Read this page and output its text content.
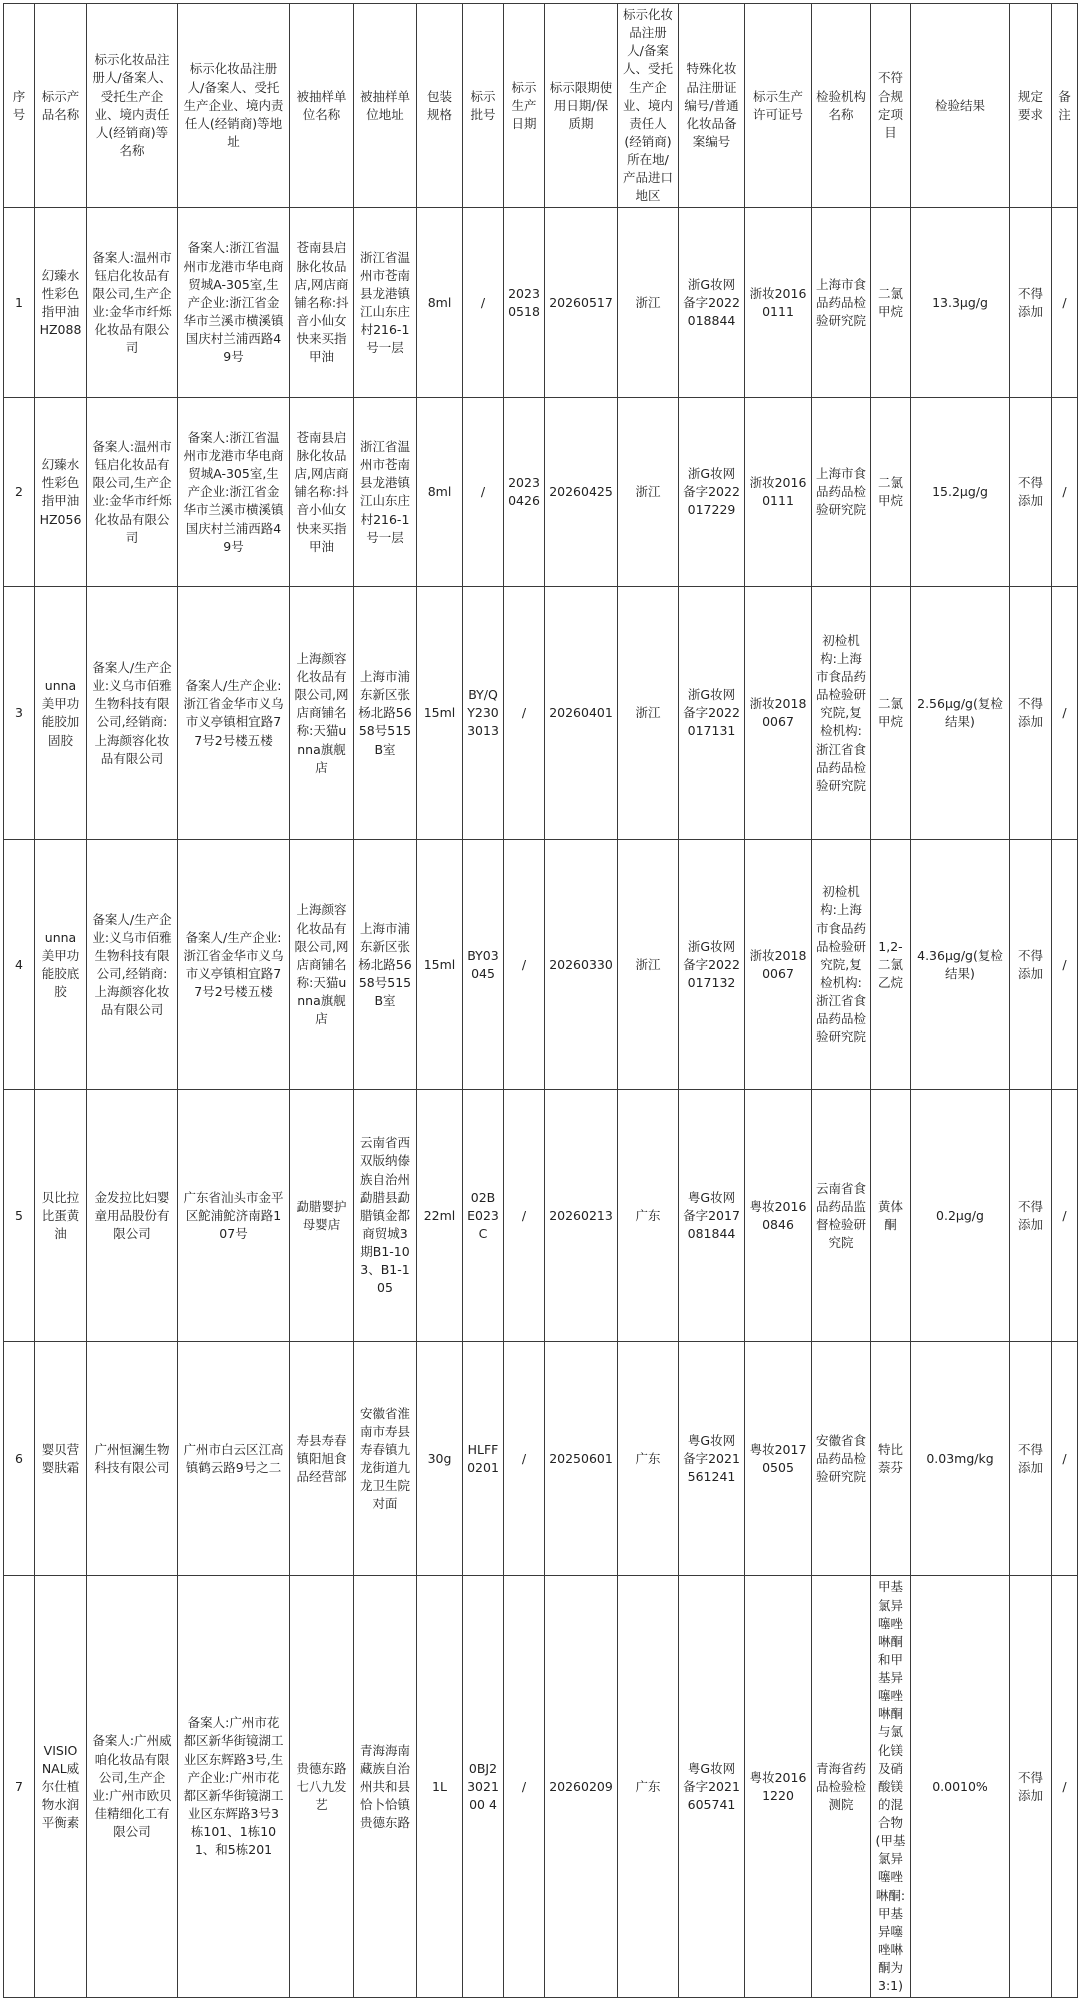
序号	标示产品名称	标示化妆品注册人/备案人、受托生产企业、境内责任人(经销商)等名称	标示化妆品注册人/备案人、受托生产企业、境内责任人(经销商)等地址	被抽样单位名称	被抽样单位地址	包装规格	标示批号	标示生产日期	标示限期使用日期/保质期	标示化妆品注册人/备案人、受托生产企业、境内责任人(经销商)所在地/产品进口地区	特殊化妆品注册证编号/普通化妆品备案编号	标示生产许可证号	检验机构名称	不符合规定项目	检验结果	规定要求	备注
1	幻臻水性彩色指甲油HZ088	备案人:温州市钰启化妆品有限公司,生产企业:金华市纤烁化妆品有限公司	备案人:浙江省温州市龙港市华电商贸城A-305室,生产企业:浙江省金华市兰溪市横溪镇国庆村兰浦西路49号	苍南县启脉化妆品店,网店商铺名称:抖音小仙女快来买指甲油	浙江省温州市苍南县龙港镇江山东庄村216-1号一层	8ml	/	20230518	20260517	浙江	浙G妆网备字2022018844	浙妆20160111	上海市食品药品检验研究院	二氯甲烷	13.3μg/g	不得添加	/
2	幻臻水性彩色指甲油HZ056	备案人:温州市钰启化妆品有限公司,生产企业:金华市纤烁化妆品有限公司	备案人:浙江省温州市龙港市华电商贸城A-305室,生产企业:浙江省金华市兰溪市横溪镇国庆村兰浦西路49号	苍南县启脉化妆品店,网店商铺名称:抖音小仙女快来买指甲油	浙江省温州市苍南县龙港镇江山东庄村216-1号一层	8ml	/	20230426	20260425	浙江	浙G妆网备字2022017229	浙妆20160111	上海市食品药品检验研究院	二氯甲烷	15.2μg/g	不得添加	/
3	unna美甲功能胶加固胶	备案人/生产企业:义乌市佰雅生物科技有限公司,经销商:上海颜容化妆品有限公司	备案人/生产企业:浙江省金华市义乌市义亭镇相宜路77号2号楼五楼	上海颜容化妆品有限公司,网店商铺名称:天猫unna旗舰店	上海市浦东新区张杨北路5658号515B室	15ml	BY/QY2303013	/	20260401	浙江	浙G妆网备字2022017131	浙妆20180067	初检机构:上海市食品药品检验研究院,复检机构:浙江省食品药品检验研究院	二氯甲烷	2.56μg/g(复检结果)	不得添加	/
4	unna美甲功能胶底胶	备案人/生产企业:义乌市佰雅生物科技有限公司,经销商:上海颜容化妆品有限公司	备案人/生产企业:浙江省金华市义乌市义亭镇相宜路77号2号楼五楼	上海颜容化妆品有限公司,网店商铺名称:天猫unna旗舰店	上海市浦东新区张杨北路5658号515B室	15ml	BY03045	/	20260330	浙江	浙G妆网备字2022017132	浙妆20180067	初检机构:上海市食品药品检验研究院,复检机构:浙江省食品药品检验研究院	1,2-二氯乙烷	4.36μg/g(复检结果)	不得添加	/
5	贝比拉比蛋黄油	金发拉比妇婴童用品股份有限公司	广东省汕头市金平区鮀浦鮀济南路107号	勐腊婴护母婴店	云南省西双版纳傣族自治州勐腊县勐腊镇金都商贸城3期B1-103、B1-105	22ml	02BE023C	/	20260213	广东	粤G妆网备字2017081844	粤妆20160846	云南省食品药品监督检验研究院	黄体酮	0.2μg/g	不得添加	/
6	婴贝营婴肤霜	广州恒澜生物科技有限公司	广州市白云区江高镇鹤云路9号之二	寿县寿春镇阳旭食品经营部	安徽省淮南市寿县寿春镇九龙街道九龙卫生院对面	30g	HLFF0201	/	20250601	广东	粤G妆网备字2021561241	粤妆20170505	安徽省食品药品检验研究院	特比萘芬	0.03mg/kg	不得添加	/
7	VISIONAL威尔仕植物水润平衡素	备案人:广州威咱化妆品有限公司,生产企业:广州市欧贝佳精细化工有限公司	备案人:广州市花都区新华街镜湖工业区东辉路3号,生产企业:广州市花都区新华街镜湖工业区东辉路3号3栋101、1栋101、和5栋201	贵德东路七八九发艺	青海海南藏族自治州共和县恰卜恰镇贵德东路	1L	0BJ2302100 4	/	20260209	广东	粤G妆网备字2021605741	粤妆20161220	青海省药品检验检测院	甲基氯异噻唑啉酮和甲基异噻唑啉酮与氯化镁及硝酸镁的混合物(甲基氯异噻唑啉酮:甲基异噻唑啉酮为3:1)	0.0010%	不得添加	/
